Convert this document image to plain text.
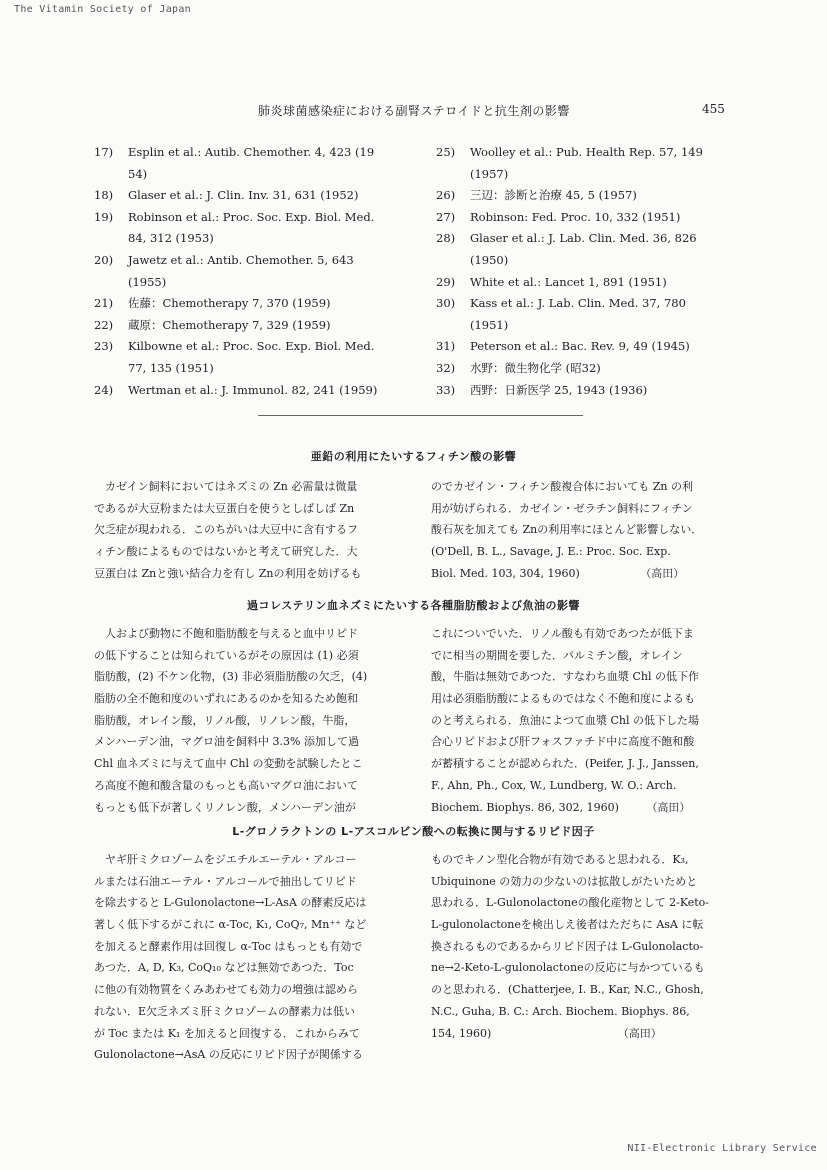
The Vitamin Society of Japan
肺炎球菌感染症における副腎ステロイドと抗生剤の影響	455
17)	Esplin et al.: Autib. Chemother. 4, 423 (19
54)
18)	Glaser et al.: J. Clin. Inv. 31, 631 (1952)
19)	Robinson et al.: Proc. Soc. Exp. Biol. Med.
84, 312 (1953)
20)	Jawetz et al.: Antib. Chemother. 5, 643
(1955)
21)	佐藤：Chemotherapy 7, 370 (1959)
22)	蔵原：Chemotherapy 7, 329 (1959)
23)	Kilbowne et al.: Proc. Soc. Exp. Biol. Med.
77, 135 (1951)
24)	Wertman et al.: J. Immunol. 82, 241 (1959)
25)	Woolley et al.: Pub. Health Rep. 57, 149
(1957)
26)	三辺：診断と治療 45, 5 (1957)
27)	Robinson: Fed. Proc. 10, 332 (1951)
28)	Glaser et al.: J. Lab. Clin. Med. 36, 826
(1950)
29)	White et al.: Lancet 1, 891 (1951)
30)	Kass et al.: J. Lab. Clin. Med. 37, 780
(1951)
31)	Peterson et al.: Bac. Rev. 9, 49 (1945)
32)	水野：微生物化学 (昭32)
33)	西野：日新医学 25, 1943 (1936)
亜鉛の利用にたいするフィチン酸の影響
　カゼイン飼料においてはネズミの Zn 必需量は微量
であるが大豆粉または大豆蛋白を使うとしばしば Zn
欠乏症が現われる．このちがいは大豆中に含有するフ
ィチン酸によるものではないかと考えて研究した．大
豆蛋白は Znと強い結合力を有し Znの利用を妨げるも
のでカゼイン・フィチン酸複合体においても Zn の利
用が妨げられる．カゼイン・ゼラチン飼料にフィチン
酸石灰を加えても Znの利用率にほとんど影響しない．
(O'Dell, B. L., Savage, J. E.: Proc. Soc. Exp.
Biol. Med. 103, 304, 1960)　　　　　　（高田）
過コレステリン血ネズミにたいする各種脂肪酸および魚油の影響
　人および動物に不飽和脂肪酸を与えると血中リピド
の低下することは知られているがその原因は (1) 必須
脂肪酸，(2) 不ケン化物，(3) 非必須脂肪酸の欠乏，(4)
脂肪の全不飽和度のいずれにあるのかを知るため飽和
脂肪酸，オレイン酸，リノル酸，リノレン酸，牛脂，
メンハーデン油，マグロ油を飼料中 3.3% 添加して過
Chl 血ネズミに与えて血中 Chl の変動を試験したとこ
ろ高度不飽和酸含量のもっとも高いマグロ油において
もっとも低下が著しくリノレン酸，メンハーデン油が
これについでいた．リノル酸も有効であつたが低下ま
でに相当の期間を要した．パルミチン酸，オレイン
酸，牛脂は無効であつた．すなわち血漿 Chl の低下作
用は必須脂肪酸によるものではなく不飽和度によるも
のと考えられる．魚油によつて血漿 Chl の低下した場
合心リピドおよび肝フォスファチド中に高度不飽和酸
が蓄積することが認められた．(Peifer, J. J., Janssen,
F., Ahn, Ph., Cox, W., Lundberg, W. O.: Arch.
Biochem. Biophys. 86, 302, 1960)　　　（高田）
L-グロノラクトンの L-アスコルビン酸への転換に関与するリピド因子
　ヤギ肝ミクロゾームをジエチルエーテル・アルコー
ルまたは石油エーテル・アルコールで抽出してリピド
を除去すると L-Gulonolactone→L-AsA の酵素反応は
著しく低下するがこれに α-Toc, K₁, CoQ₇, Mn⁺⁺ など
を加えると酵素作用は回復し α-Toc はもっとも有効で
あつた．A, D, K₃, CoQ₁₀ などは無効であつた．Toc
に他の有効物質をくみあわせても効力の増強は認めら
れない．E欠乏ネズミ肝ミクロゾームの酵素力は低い
が Toc または K₁ を加えると回復する．これからみて
Gulonolactone→AsA の反応にリピド因子が関係する
ものでキノン型化合物が有効であると思われる．K₃,
Ubiquinone の効力の少ないのは拡散しがたいためと
思われる．L-Gulonolactoneの酸化産物として 2-Keto-
L-gulonolactoneを検出しえ後者はただちに AsA に転
換されるものであるからリピド因子は L-Gulonolacto-
ne→2-Keto-L-gulonolactoneの反応に与かつているも
のと思われる．(Chatterjee, I. B., Kar, N.C., Ghosh,
N.C., Guha, B. C.: Arch. Biochem. Biophys. 86,
154, 1960)　　　　　　　　　　　　（高田）
NII-Electronic Library Service
